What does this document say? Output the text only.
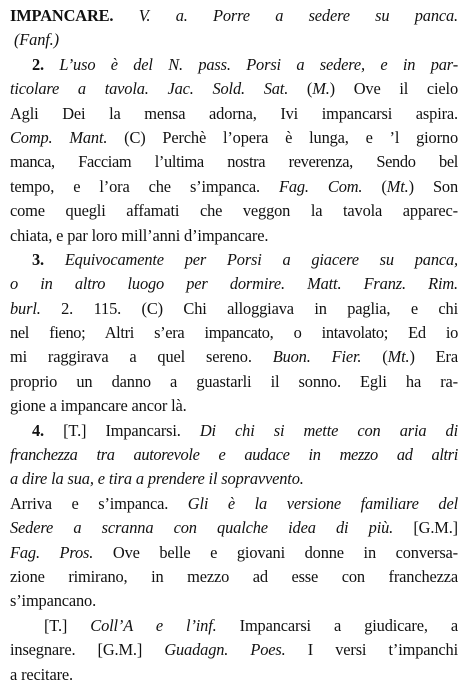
IMPANCARE. V. a. Porre a sedere su panca.
(Fanf.)
2. L’uso è del N. pass. Porsi a sedere, e in par-
ticolare a tavola. Jac. Sold. Sat. (M.) Ove il cielo
Agli Dei la mensa adorna, Ivi impancarsi aspira.
Comp. Mant. (C) Perchè l’opera è lunga, e ’l giorno
manca, Facciam l’ultima nostra reverenza, Sendo bel
tempo, e l’ora che s’impanca. Fag. Com. (Mt.) Son
come quegli affamati che veggon la tavola apparec-
chiata, e par loro mill’anni d’impancare.
3. Equivocamente per Porsi a giacere su panca,
o in altro luogo per dormire. Matt. Franz. Rim.
burl. 2. 115. (C) Chi alloggiava in paglia, e chi
nel fieno; Altri s’era impancato, o intavolato; Ed io
mi raggirava a quel sereno. Buon. Fier. (Mt.) Era
proprio un danno a guastarli il sonno. Egli ha ra-
gione a impancare ancor là.
4. [T.] Impancarsi. Di chi si mette con aria di
franchezza tra autorevole e audace in mezzo ad altri
a dire la sua, e tira a prendere il sopravvento.
Arriva e s’impanca. Gli è la versione familiare del
Sedere a scranna con qualche idea di più. [G.M.]
Fag. Pros. Ove belle e giovani donne in conversa-
zione rimirano, in mezzo ad esse con franchezza
s’impancano.
[T.] Coll’A e l’inf. Impancarsi a giudicare, a
insegnare. [G.M.] Guadagn. Poes. I versi t’impanchi
a recitare.
